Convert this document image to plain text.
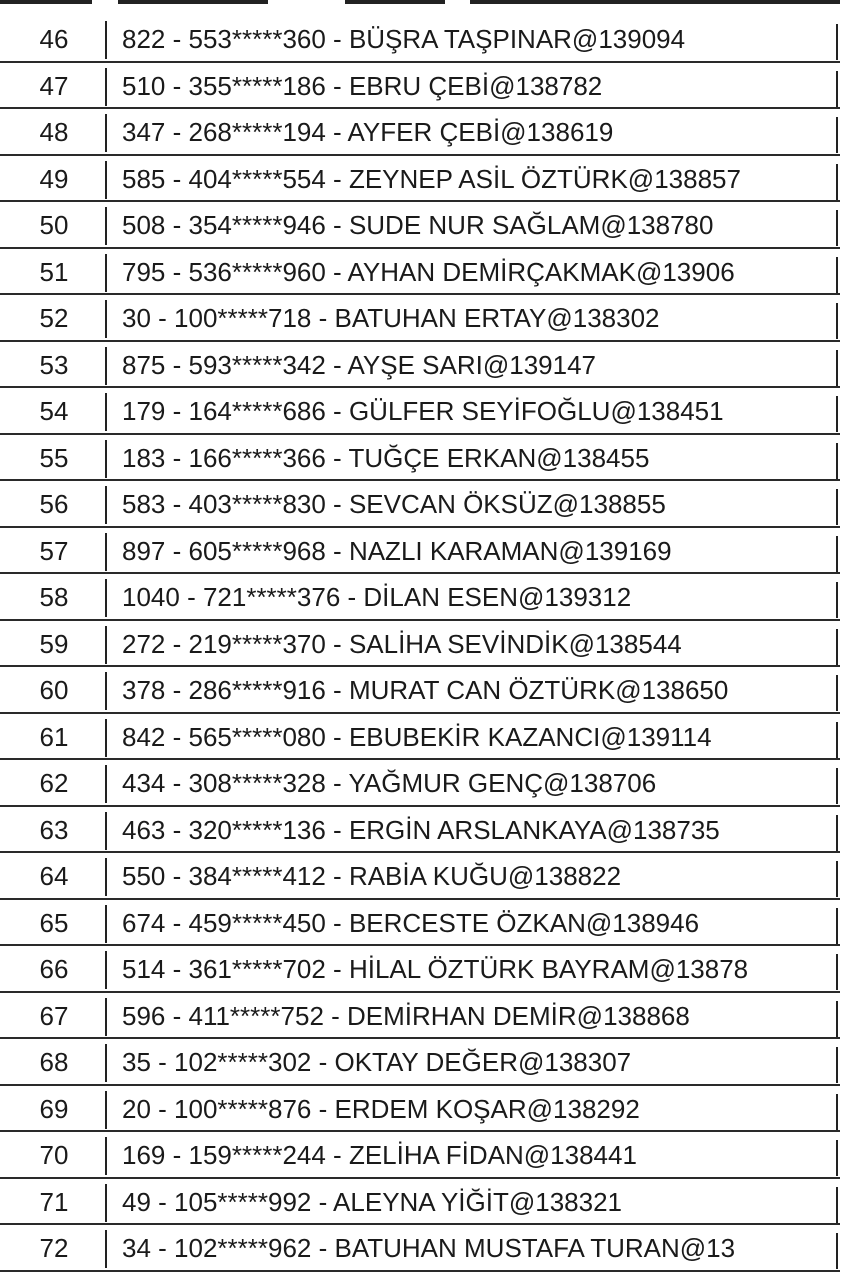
46	822 - 553*****360 - BÜŞRA TAŞPINAR@139094
47	510 - 355*****186 - EBRU ÇEBİ@138782
48	347 - 268*****194 - AYFER ÇEBİ@138619
49	585 - 404*****554 - ZEYNEP ASİL ÖZTÜRK@138857
50	508 - 354*****946 - SUDE NUR SAĞLAM@138780
51	795 - 536*****960 - AYHAN DEMİRÇAKMAK@13906
52	30 - 100*****718 - BATUHAN ERTAY@138302
53	875 - 593*****342 - AYŞE SARI@139147
54	179 - 164*****686 - GÜLFER SEYİFOĞLU@138451
55	183 - 166*****366 - TUĞÇE ERKAN@138455
56	583 - 403*****830 - SEVCAN ÖKSÜZ@138855
57	897 - 605*****968 - NAZLI KARAMAN@139169
58	1040 - 721*****376 - DİLAN ESEN@139312
59	272 - 219*****370 - SALİHA SEVİNDİK@138544
60	378 - 286*****916 - MURAT CAN ÖZTÜRK@138650
61	842 - 565*****080 - EBUBEKİR KAZANCI@139114
62	434 - 308*****328 - YAĞMUR GENÇ@138706
63	463 - 320*****136 - ERGİN ARSLANKAYA@138735
64	550 - 384*****412 - RABİA KUĞU@138822
65	674 - 459*****450 - BERCESTE ÖZKAN@138946
66	514 - 361*****702 - HİLAL ÖZTÜRK BAYRAM@13878
67	596 - 411*****752 - DEMİRHAN DEMİR@138868
68	35 - 102*****302 - OKTAY DEĞER@138307
69	20 - 100*****876 - ERDEM KOŞAR@138292
70	169 - 159*****244 - ZELİHA FİDAN@138441
71	49 - 105*****992 - ALEYNA YİĞİT@138321
72	34 - 102*****962 - BATUHAN MUSTAFA TURAN@13
